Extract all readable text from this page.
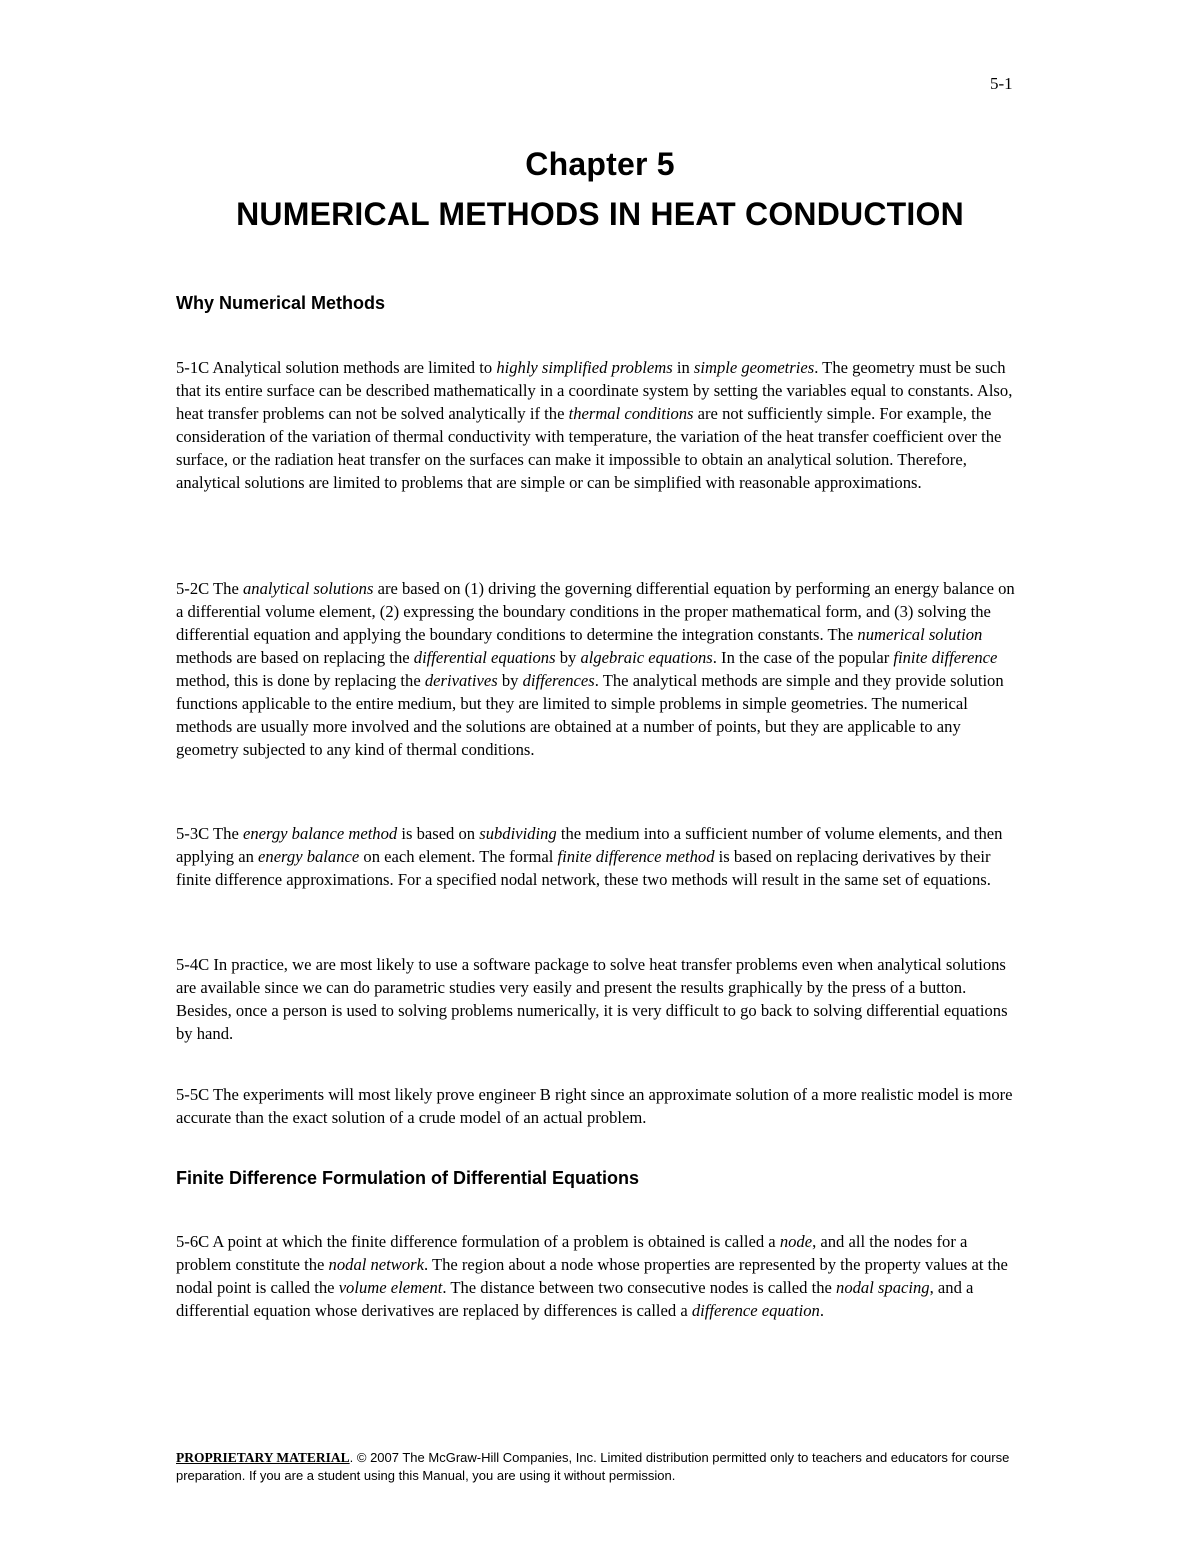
5-1
Chapter 5
NUMERICAL METHODS IN HEAT CONDUCTION
Why Numerical Methods
5-1C Analytical solution methods are limited to highly simplified problems in simple geometries. The geometry must be such that its entire surface can be described mathematically in a coordinate system by setting the variables equal to constants. Also, heat transfer problems can not be solved analytically if the thermal conditions are not sufficiently simple. For example, the consideration of the variation of thermal conductivity with temperature, the variation of the heat transfer coefficient over the surface, or the radiation heat transfer on the surfaces can make it impossible to obtain an analytical solution. Therefore, analytical solutions are limited to problems that are simple or can be simplified with reasonable approximations.
5-2C The analytical solutions are based on (1) driving the governing differential equation by performing an energy balance on a differential volume element, (2) expressing the boundary conditions in the proper mathematical form, and (3) solving the differential equation and applying the boundary conditions to determine the integration constants. The numerical solution methods are based on replacing the differential equations by algebraic equations. In the case of the popular finite difference method, this is done by replacing the derivatives by differences. The analytical methods are simple and they provide solution functions applicable to the entire medium, but they are limited to simple problems in simple geometries. The numerical methods are usually more involved and the solutions are obtained at a number of points, but they are applicable to any geometry subjected to any kind of thermal conditions.
5-3C The energy balance method is based on subdividing the medium into a sufficient number of volume elements, and then applying an energy balance on each element. The formal finite difference method is based on replacing derivatives by their finite difference approximations. For a specified nodal network, these two methods will result in the same set of equations.
5-4C In practice, we are most likely to use a software package to solve heat transfer problems even when analytical solutions are available since we can do parametric studies very easily and present the results graphically by the press of a button. Besides, once a person is used to solving problems numerically, it is very difficult to go back to solving differential equations by hand.
5-5C The experiments will most likely prove engineer B right since an approximate solution of a more realistic model is more accurate than the exact solution of a crude model of an actual problem.
Finite Difference Formulation of Differential Equations
5-6C A point at which the finite difference formulation of a problem is obtained is called a node, and all the nodes for a problem constitute the nodal network. The region about a node whose properties are represented by the property values at the nodal point is called the volume element. The distance between two consecutive nodes is called the nodal spacing, and a differential equation whose derivatives are replaced by differences is called a difference equation.
PROPRIETARY MATERIAL. © 2007 The McGraw-Hill Companies, Inc. Limited distribution permitted only to teachers and educators for course preparation. If you are a student using this Manual, you are using it without permission.
